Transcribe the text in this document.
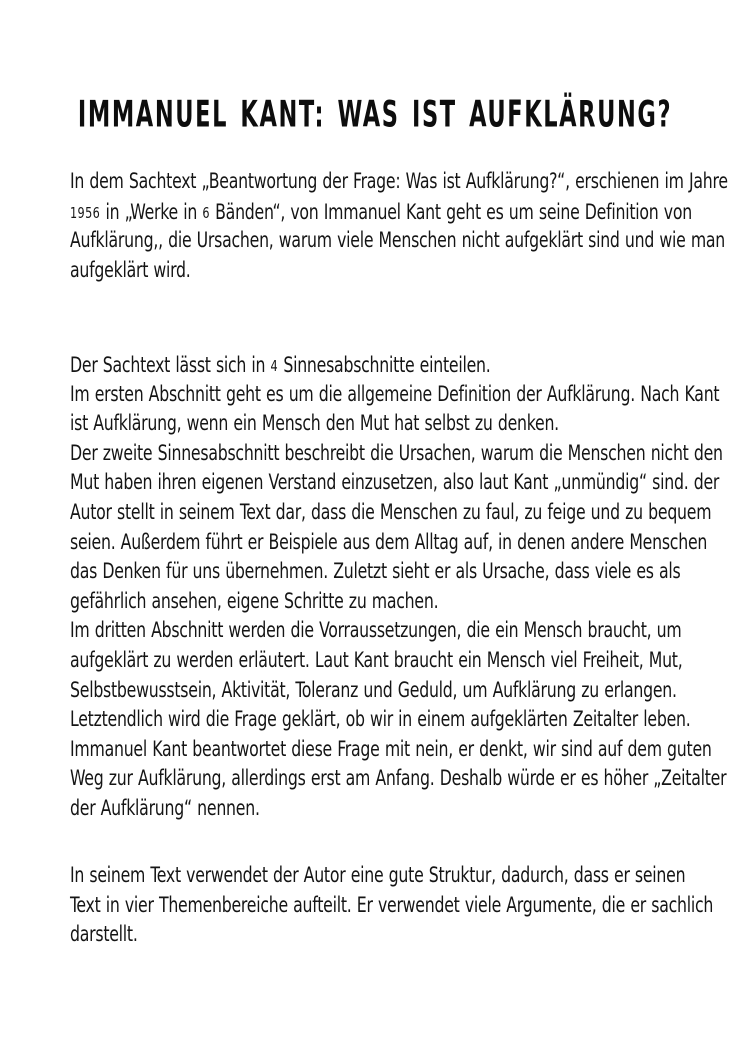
IMMANUEL KANT: WAS IST AUFKLÄRUNG?
In dem Sachtext „Beantwortung der Frage: Was ist Aufklärung?“, erschienen im Jahre
1956 in „Werke in 6 Bänden“, von Immanuel Kant geht es um seine Definition von
Aufklärung,, die Ursachen, warum viele Menschen nicht aufgeklärt sind und wie man
aufgeklärt wird.
Der Sachtext lässt sich in 4 Sinnesabschnitte einteilen.
Im ersten Abschnitt geht es um die allgemeine Definition der Aufklärung. Nach Kant
ist Aufklärung, wenn ein Mensch den Mut hat selbst zu denken.
Der zweite Sinnesabschnitt beschreibt die Ursachen, warum die Menschen nicht den
Mut haben ihren eigenen Verstand einzusetzen, also laut Kant „unmündig“ sind. der
Autor stellt in seinem Text dar, dass die Menschen zu faul, zu feige und zu bequem
seien. Außerdem führt er Beispiele aus dem Alltag auf, in denen andere Menschen
das Denken für uns übernehmen. Zuletzt sieht er als Ursache, dass viele es als
gefährlich ansehen, eigene Schritte zu machen.
Im dritten Abschnitt werden die Vorraussetzungen, die ein Mensch braucht, um
aufgeklärt zu werden erläutert. Laut Kant braucht ein Mensch viel Freiheit, Mut,
Selbstbewusstsein, Aktivität, Toleranz und Geduld, um Aufklärung zu erlangen.
Letztendlich wird die Frage geklärt, ob wir in einem aufgeklärten Zeitalter leben.
Immanuel Kant beantwortet diese Frage mit nein, er denkt, wir sind auf dem guten
Weg zur Aufklärung, allerdings erst am Anfang. Deshalb würde er es höher „Zeitalter
der Aufklärung“ nennen.
In seinem Text verwendet der Autor eine gute Struktur, dadurch, dass er seinen
Text in vier Themenbereiche aufteilt. Er verwendet viele Argumente, die er sachlich
darstellt.
